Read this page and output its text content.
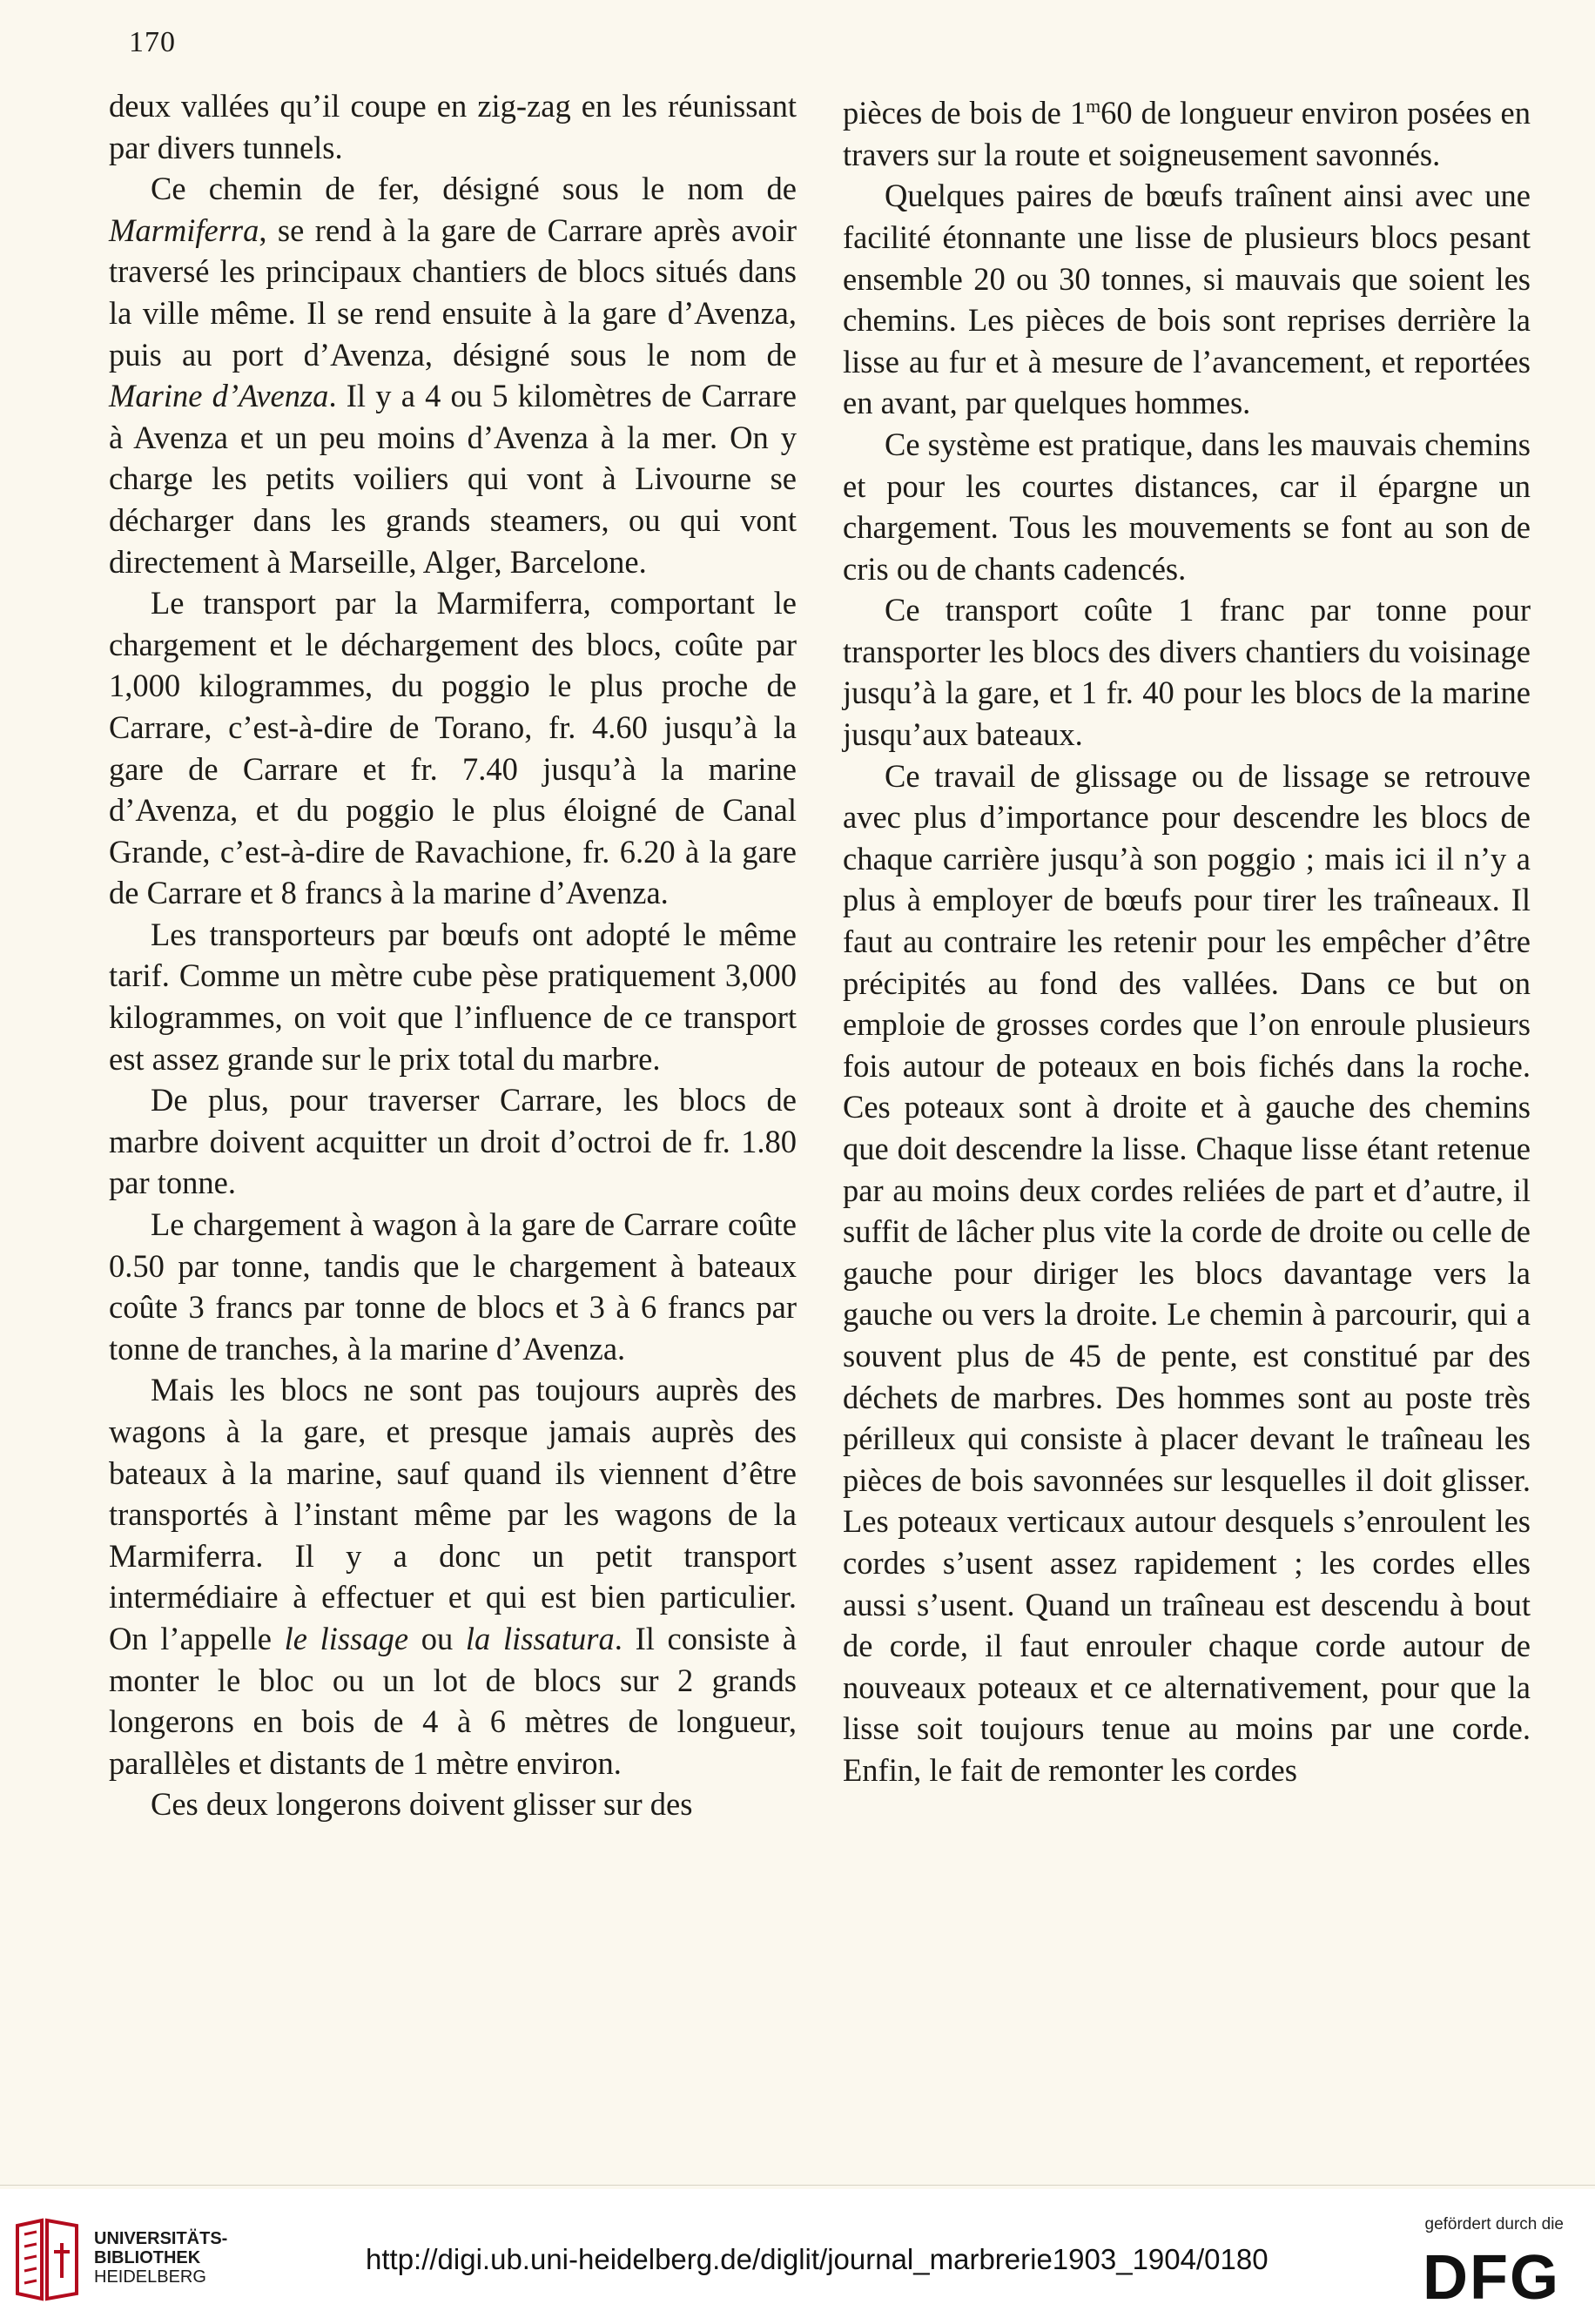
170

deux vallées qu’il coupe en zig-zag en les réunissant par divers tunnels.

Ce chemin de fer, désigné sous le nom de Marmiferra, se rend à la gare de Carrare après avoir traversé les principaux chantiers de blocs situés dans la ville même. Il se rend ensuite à la gare d’Avenza, puis au port d’Avenza, désigné sous le nom de Marine d’Avenza. Il y a 4 ou 5 kilomètres de Carrare à Avenza et un peu moins d’Avenza à la mer. On y charge les petits voiliers qui vont à Livourne se décharger dans les grands steamers, ou qui vont directement à Marseille, Alger, Barcelone.

Le transport par la Marmiferra, comportant le chargement et le déchargement des blocs, coûte par 1,000 kilogrammes, du poggio le plus proche de Carrare, c’est-à-dire de Torano, fr. 4.60 jusqu’à la gare de Carrare et fr. 7.40 jusqu’à la marine d’Avenza, et du poggio le plus éloigné de Canal Grande, c’est-à-dire de Ravachione, fr. 6.20 à la gare de Carrare et 8 francs à la marine d’Avenza.

Les transporteurs par bœufs ont adopté le même tarif. Comme un mètre cube pèse pratiquement 3,000 kilogrammes, on voit que l’influence de ce transport est assez grande sur le prix total du marbre.

De plus, pour traverser Carrare, les blocs de marbre doivent acquitter un droit d’octroi de fr. 1.80 par tonne.

Le chargement à wagon à la gare de Carrare coûte 0.50 par tonne, tandis que le chargement à bateaux coûte 3 francs par tonne de blocs et 3 à 6 francs par tonne de tranches, à la marine d’Avenza.

Mais les blocs ne sont pas toujours auprès des wagons à la gare, et presque jamais auprès des bateaux à la marine, sauf quand ils viennent d’être transportés à l’instant même par les wagons de la Marmiferra. Il y a donc un petit transport intermédiaire à effectuer et qui est bien particulier. On l’appelle le lissage ou la lissatura. Il consiste à monter le bloc ou un lot de blocs sur 2 grands longerons en bois de 4 à 6 mètres de longueur, parallèles et distants de 1 mètre environ.

Ces deux longerons doivent glisser sur des

pièces de bois de 1$^m$60 de longueur environ posées en travers sur la route et soigneusement savonnés.

Quelques paires de bœufs traînent ainsi avec une facilité étonnante une lisse de plusieurs blocs pesant ensemble 20 ou 30 tonnes, si mauvais que soient les chemins. Les pièces de bois sont reprises derrière la lisse au fur et à mesure de l’avancement, et reportées en avant, par quelques hommes.

Ce système est pratique, dans les mauvais chemins et pour les courtes distances, car il épargne un chargement. Tous les mouvements se font au son de cris ou de chants cadencés.

Ce transport coûte 1 franc par tonne pour transporter les blocs des divers chantiers du voisinage jusqu’à la gare, et 1 fr. 40 pour les blocs de la marine jusqu’aux bateaux.

Ce travail de glissage ou de lissage se retrouve avec plus d’importance pour descendre les blocs de chaque carrière jusqu’à son poggio ; mais ici il n’y a plus à employer de bœufs pour tirer les traîneaux. Il faut au contraire les retenir pour les empêcher d’être précipités au fond des vallées. Dans ce but on emploie de grosses cordes que l’on enroule plusieurs fois autour de poteaux en bois fichés dans la roche. Ces poteaux sont à droite et à gauche des chemins que doit descendre la lisse. Chaque lisse étant retenue par au moins deux cordes reliées de part et d’autre, il suffit de lâcher plus vite la corde de droite ou celle de gauche pour diriger les blocs davantage vers la gauche ou vers la droite. Le chemin à parcourir, qui a souvent plus de 45 de pente, est constitué par des déchets de marbres. Des hommes sont au poste très périlleux qui consiste à placer devant le traîneau les pièces de bois savonnées sur lesquelles il doit glisser. Les poteaux verticaux autour desquels s’enroulent les cordes s’usent assez rapidement ; les cordes elles aussi s’usent. Quand un traîneau est descendu à bout de corde, il faut enrouler chaque corde autour de nouveaux poteaux et ce alternativement, pour que la lisse soit toujours tenue au moins par une corde. Enfin, le fait de remonter les cordes

UNIVERSITÄTS-
BIBLIOTHEK
HEIDELBERG
http://digi.ub.uni-heidelberg.de/diglit/journal_marbrerie1903_1904/0180
gefördert durch die
DFG
